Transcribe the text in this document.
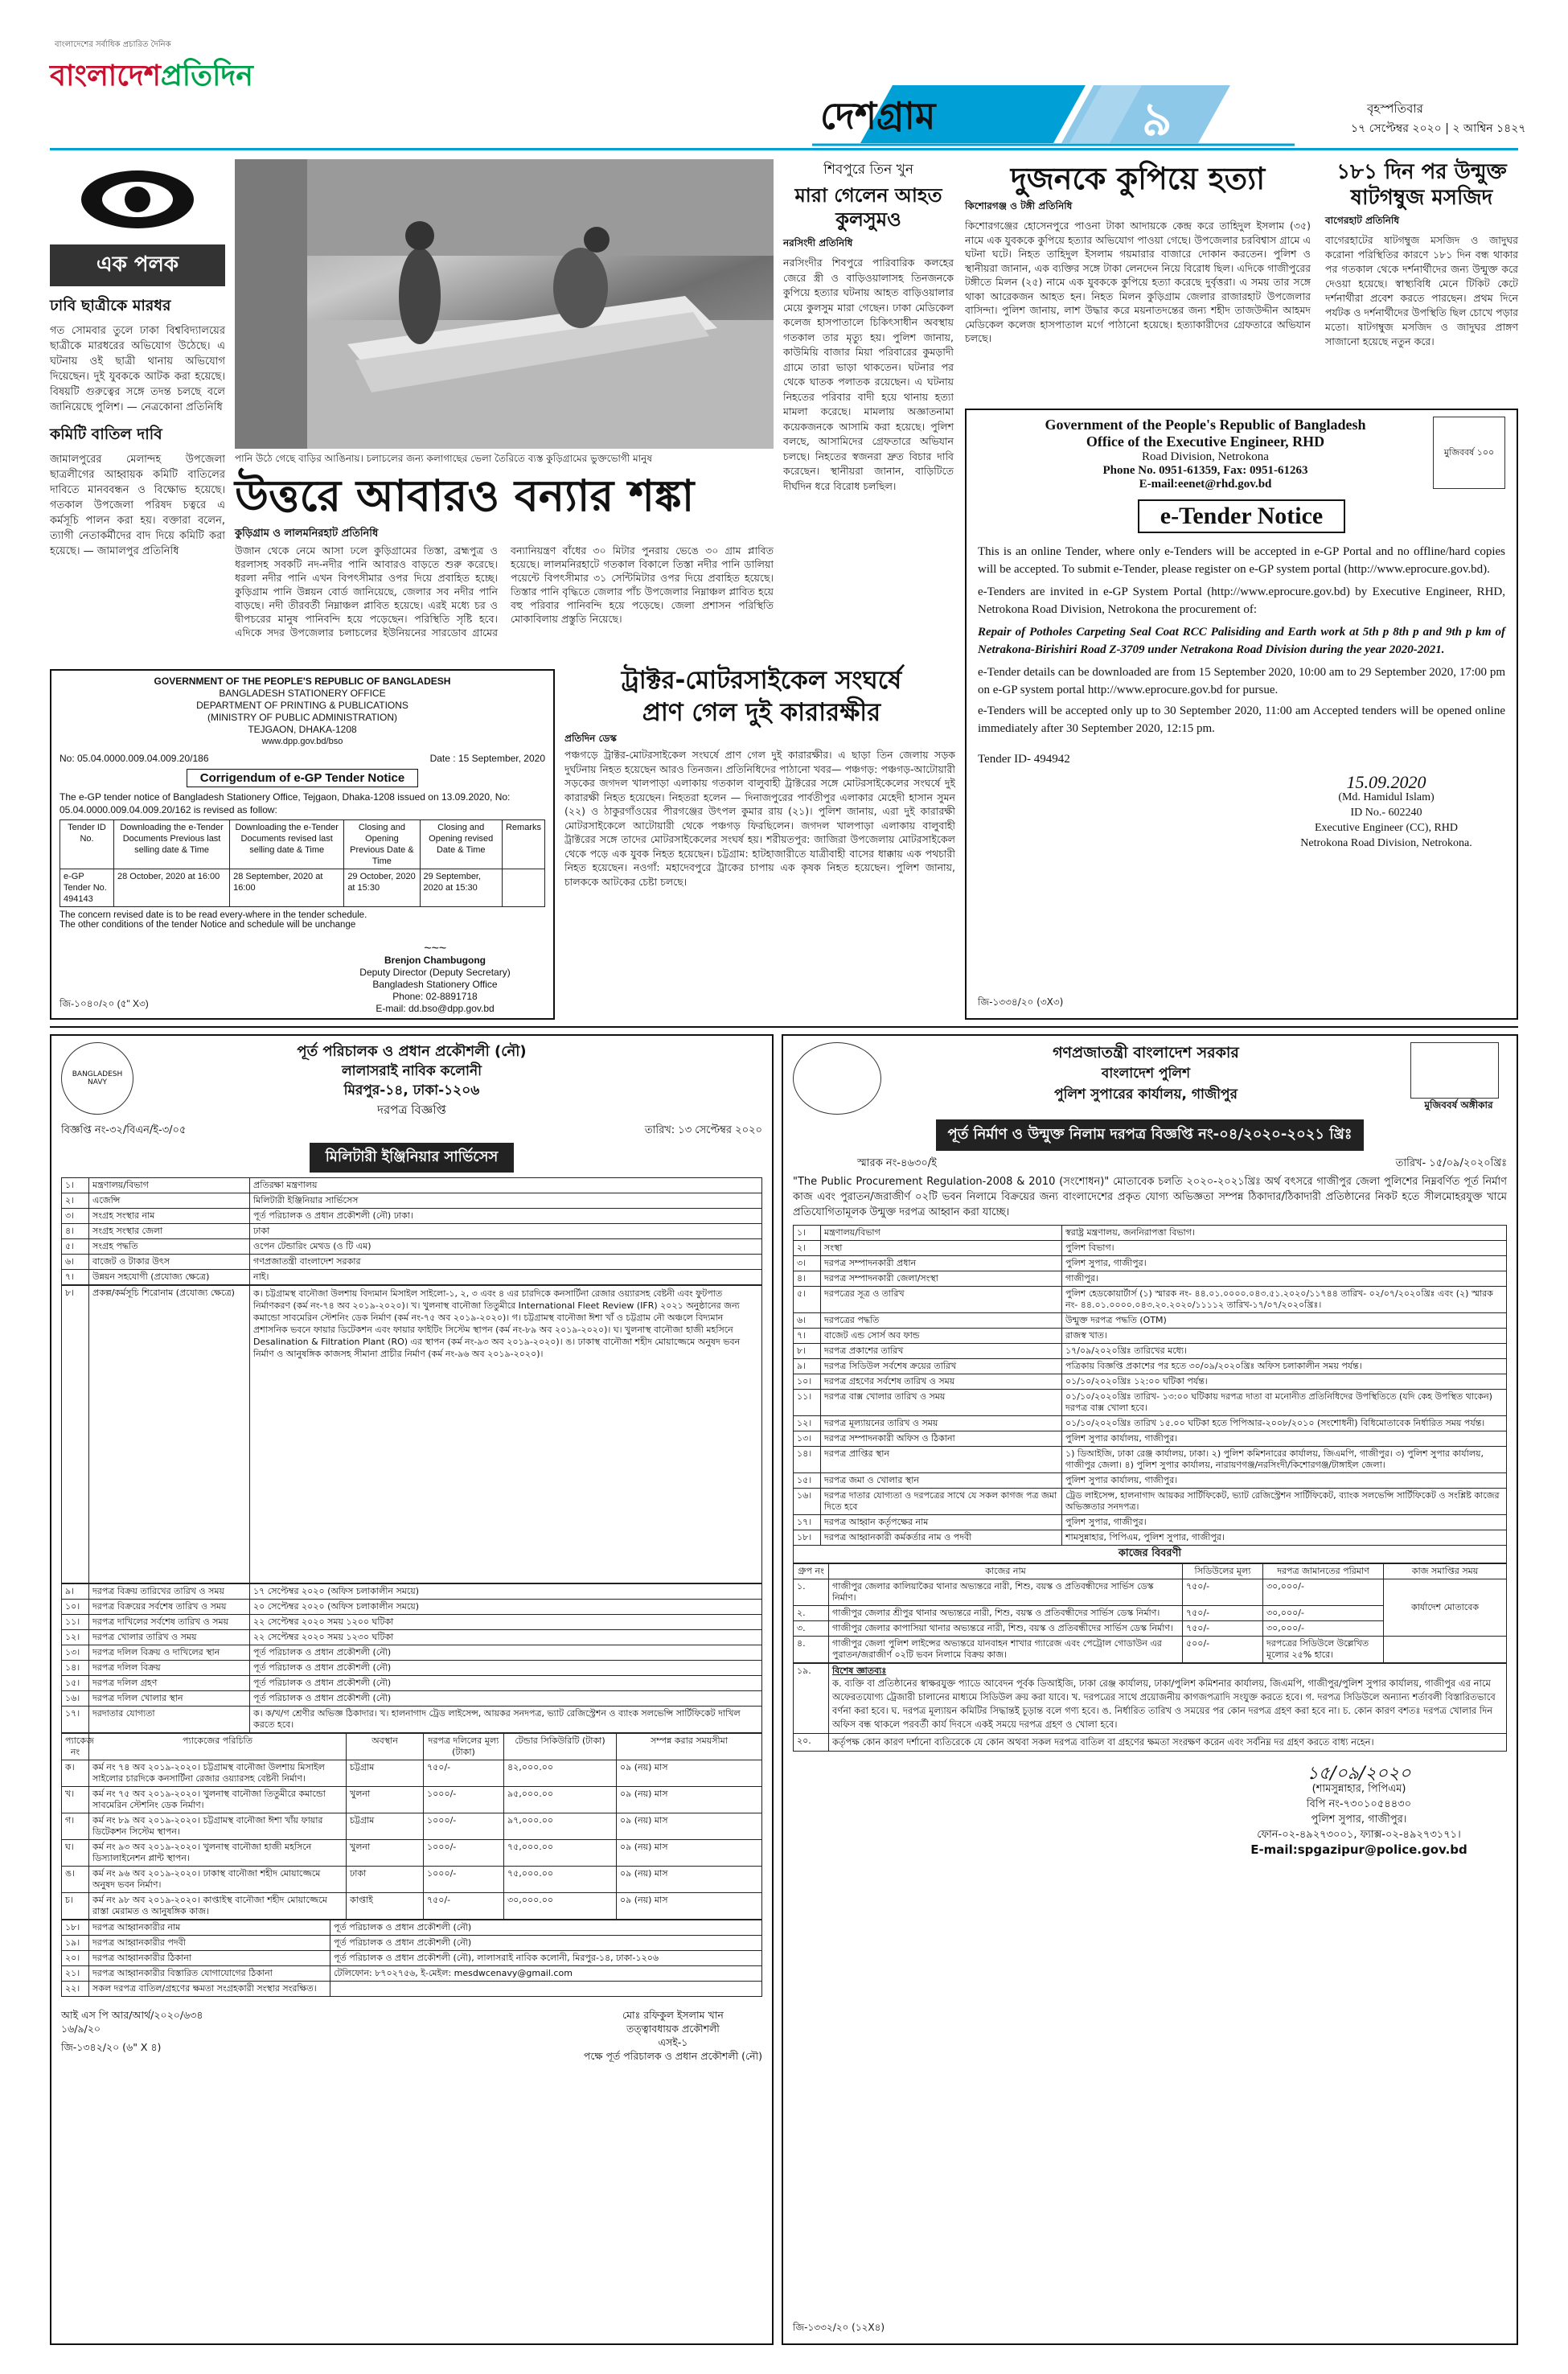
বাংলাদেশের সর্বাধিক প্রচারিত দৈনিক
বাংলাদেশপ্রতিদিন
দেশগ্রাম	৯	বৃহস্পতিবার
১৭ সেপ্টেম্বর ২০২০ | ২ আশ্বিন ১৪২৭
এক পলক
ঢাবি ছাত্রীকে মারধর
গত সোমবার তুলে ঢাকা বিশ্ববিদ্যালয়ের ছাত্রীকে মারধরের অভিযোগ উঠেছে। এ ঘটনায় ওই ছাত্রী থানায় অভিযোগ দিয়েছেন। দুই যুবককে আটক করা হয়েছে। বিষয়টি গুরুত্বের সঙ্গে তদন্ত চলছে বলে জানিয়েছে পুলিশ। — নেত্রকোনা প্রতিনিধি
কমিটি বাতিল দাবি
জামালপুরের মেলান্দহ উপজেলা ছাত্রলীগের আহ্বায়ক কমিটি বাতিলের দাবিতে মানববন্ধন ও বিক্ষোভ হয়েছে। গতকাল উপজেলা পরিষদ চত্বরে এ কর্মসূচি পালন করা হয়। বক্তারা বলেন, ত্যাগী নেতাকর্মীদের বাদ দিয়ে কমিটি করা হয়েছে। — জামালপুর প্রতিনিধি
পানি উঠে গেছে বাড়ির আঙিনায়। চলাচলের জন্য কলাগাছের ভেলা তৈরিতে ব্যস্ত কুড়িগ্রামের ভুক্তভোগী মানুষ
উত্তরে আবারও বন্যার শঙ্কা
কুড়িগ্রাম ও লালমনিরহাট প্রতিনিধি
উজান থেকে নেমে আসা ঢলে কুড়িগ্রামের তিস্তা, ব্রহ্মপুত্র ও ধরলাসহ সবকটি নদ-নদীর পানি আবারও বাড়তে শুরু করেছে। ধরলা নদীর পানি এখন বিপৎসীমার ওপর দিয়ে প্রবাহিত হচ্ছে। কুড়িগ্রাম পানি উন্নয়ন বোর্ড জানিয়েছে, জেলার সব নদীর পানি বাড়ছে। নদী তীরবর্তী নিম্নাঞ্চল প্লাবিত হয়েছে। এরই মধ্যে চর ও দ্বীপচরের মানুষ পানিবন্দি হয়ে পড়েছেন। পরিস্থিতি সৃষ্টি হবে। এদিকে সদর উপজেলার চলাচলের ইউনিয়নের সারডোব গ্রামের বন্যানিয়ন্ত্রণ বাঁধের ৩০ মিটার পুনরায় ভেঙে ৩০ গ্রাম প্লাবিত হয়েছে। লালমনিরহাটে গতকাল বিকালে তিস্তা নদীর পানি ডালিয়া পয়েন্টে বিপৎসীমার ৩১ সেন্টিমিটার ওপর দিয়ে প্রবাহিত হয়েছে। তিস্তার পানি বৃদ্ধিতে জেলার পাঁচ উপজেলার নিম্নাঞ্চল প্লাবিত হয়ে বহু পরিবার পানিবন্দি হয়ে পড়েছে। জেলা প্রশাসন পরিস্থিতি মোকাবিলায় প্রস্তুতি নিয়েছে।
শিবপুরে তিন খুন
মারা গেলেন আহত কুলসুমও
নরসিংদী প্রতিনিধি
নরসিংদীর শিবপুরে পারিবারিক কলহের জেরে স্ত্রী ও বাড়িওয়ালাসহ তিনজনকে কুপিয়ে হত্যার ঘটনায় আহত বাড়িওয়ালার মেয়ে কুলসুম মারা গেছেন। ঢাকা মেডিকেল কলেজ হাসপাতালে চিকিৎসাধীন অবস্থায় গতকাল তার মৃত্যু হয়। পুলিশ জানায়, কাউমিয়ি বাজার মিয়া পরিবারের কুমড়াদী গ্রামে তারা ভাড়া থাকতেন। ঘটনার পর থেকে ঘাতক পলাতক রয়েছেন। এ ঘটনায় নিহতের পরিবার বাদী হয়ে থানায় হত্যা মামলা করেছে। মামলায় অজ্ঞাতনামা কয়েকজনকে আসামি করা হয়েছে। পুলিশ বলছে, আসামিদের গ্রেফতারে অভিযান চলছে। নিহতের স্বজনরা দ্রুত বিচার দাবি করেছেন। স্থানীয়রা জানান, বাড়িটিতে দীর্ঘদিন ধরে বিরোধ চলছিল।
দুজনকে কুপিয়ে হত্যা
কিশোরগঞ্জ ও টঙ্গী প্রতিনিধি
কিশোরগঞ্জের হোসেনপুরে পাওনা টাকা আদায়কে কেন্দ্র করে তাহিদুল ইসলাম (৩৫) নামে এক যুবককে কুপিয়ে হত্যার অভিযোগ পাওয়া গেছে। উপজেলার চরবিশ্বাস গ্রামে এ ঘটনা ঘটে। নিহত তাহিদুল ইসলাম গয়মারার বাজারে দোকান করতেন। পুলিশ ও স্থানীয়রা জানান, এক ব্যক্তির সঙ্গে টাকা লেনদেন নিয়ে বিরোধ ছিল। এদিকে গাজীপুরের টঙ্গীতে মিলন (২৫) নামে এক যুবককে কুপিয়ে হত্যা করেছে দুর্বৃত্তরা। এ সময় তার সঙ্গে থাকা আরেকজন আহত হন। নিহত মিলন কুড়িগ্রাম জেলার রাজারহাট উপজেলার বাসিন্দা। পুলিশ জানায়, লাশ উদ্ধার করে ময়নাতদন্তের জন্য শহীদ তাজউদ্দীন আহমদ মেডিকেল কলেজ হাসপাতাল মর্গে পাঠানো হয়েছে। হত্যাকারীদের গ্রেফতারে অভিযান চলছে।
১৮১ দিন পর উন্মুক্ত ষাটগম্বুজ মসজিদ
বাগেরহাট প্রতিনিধি
বাগেরহাটের ষাটগম্বুজ মসজিদ ও জাদুঘর করোনা পরিস্থিতির কারণে ১৮১ দিন বন্ধ থাকার পর গতকাল থেকে দর্শনার্থীদের জন্য উন্মুক্ত করে দেওয়া হয়েছে। স্বাস্থ্যবিধি মেনে টিকিট কেটে দর্শনার্থীরা প্রবেশ করতে পারছেন। প্রথম দিনে পর্যটক ও দর্শনার্থীদের উপস্থিতি ছিল চোখে পড়ার মতো। ষাটগম্বুজ মসজিদ ও জাদুঘর প্রাঙ্গণ সাজানো হয়েছে নতুন করে।
Government of the People's Republic of Bangladesh
Office of the Executive Engineer, RHD
Road Division, Netrokona
Phone No. 0951-61359, Fax: 0951-61263
E-mail:eenet@rhd.gov.bd
মুজিববর্ষ ১০০
e-Tender Notice

This is an online Tender, where only e-Tenders will be accepted in e-GP Portal and no offline/hard copies will be accepted. To submit e-Tender, please register on e-GP system portal (http://www.eprocure.gov.bd).

e-Tenders are invited in e-GP System Portal (http://www.eprocure.gov.bd) by Executive Engineer, RHD, Netrokona Road Division, Netrokona the procurement of:

Repair of Potholes Carpeting Seal Coat RCC Palisiding and Earth work at 5th p 8th p and 9th p km of Netrakona-Birishiri Road Z-3709 under Netrakona Road Division during the year 2020-2021.

e-Tender details can be downloaded are from 15 September 2020, 10:00 am to 29 September 2020, 17:00 pm on e-GP system portal http://www.eprocure.gov.bd for pursue.

e-Tenders will be accepted only up to 30 September 2020, 11:00 am Accepted tenders will be opened online immediately after 30 September 2020, 12:15 pm.

Tender ID- 494942

15.09.2020
(Md. Hamidul Islam)
ID No.- 602240
Executive Engineer (CC), RHD
Netrokona Road Division, Netrokona.
জি-১৩৩৪/২০ (৩X৩)
ট্রাক্টর-মোটরসাইকেল সংঘর্ষে
প্রাণ গেল দুই কারারক্ষীর
প্রতিদিন ডেস্ক
পঞ্চগড়ে ট্রাক্টর-মোটরসাইকেল সংঘর্ষে প্রাণ গেল দুই কারারক্ষীর। এ ছাড়া তিন জেলায় সড়ক দুর্ঘটনায় নিহত হয়েছেন আরও তিনজন। প্রতিনিধিদের পাঠানো খবর— পঞ্চগড়: পঞ্চগড়-আটোয়ারী সড়কের জগদল খালপাড়া এলাকায় গতকাল বালুবাহী ট্রাক্টরের সঙ্গে মোটরসাইকেলের সংঘর্ষে দুই কারারক্ষী নিহত হয়েছেন। নিহতরা হলেন — দিনাজপুরের পার্বতীপুর এলাকার মেহেদী হাসান সুমন (২২) ও ঠাকুরগাঁওয়ের পীরগঞ্জের উৎপল কুমার রায় (২১)। পুলিশ জানায়, এরা দুই কারারক্ষী মোটরসাইকেলে আটোয়ারী থেকে পঞ্চগড় ফিরছিলেন। জগদল খালপাড়া এলাকায় বালুবাহী ট্রাক্টরের সঙ্গে তাদের মোটরসাইকেলের সংঘর্ষ হয়। শরীয়তপুর: জাজিরা উপজেলায় মোটরসাইকেল থেকে পড়ে এক যুবক নিহত হয়েছেন। চট্টগ্রাম: হাটহাজারীতে যাত্রীবাহী বাসের ধাক্কায় এক পথচারী নিহত হয়েছেন। নওগাঁ: মহাদেবপুরে ট্রাকের চাপায় এক কৃষক নিহত হয়েছেন। পুলিশ জানায়, চালককে আটকের চেষ্টা চলছে।
GOVERNMENT OF THE PEOPLE'S REPUBLIC OF BANGLADESH
BANGLADESH STATIONERY OFFICE
DEPARTMENT OF PRINTING & PUBLICATIONS
(MINISTRY OF PUBLIC ADMINISTRATION)
TEJGAON, DHAKA-1208
www.dpp.gov.bd/bso
No: 05.04.0000.009.04.009.20/186	Date : 15 September, 2020
Corrigendum of e-GP Tender Notice
The e-GP tender notice of Bangladesh Stationery Office, Tejgaon, Dhaka-1208 issued on 13.09.2020, No: 05.04.0000.009.04.009.20/162 is revised as follow:
Tender ID No.	Downloading the e-Tender Documents Previous last selling date & Time	Downloading the e-Tender Documents revised last selling date & Time	Closing and Opening Previous Date & Time	Closing and Opening revised Date & Time	Remarks
e-GP Tender No. 494143	28 October, 2020 at 16:00	28 September, 2020 at 16:00	29 October, 2020 at 15:30	29 September, 2020 at 15:30	
The concern revised date is to be read every-where in the tender schedule.
The other conditions of the tender Notice and schedule will be unchange
~~~
Brenjon Chambugong
Deputy Director (Deputy Secretary)
Bangladesh Stationery Office
Phone: 02-8891718
E-mail: dd.bso@dpp.gov.bd
জি-১০৪০/২০ (৫" X৩)
BANGLADESH NAVY
পূর্ত পরিচালক ও প্রধান প্রকৌশলী (নৌ)
লালাসরাই নাবিক কলোনী
মিরপুর-১৪, ঢাকা-১২০৬
দরপত্র বিজ্ঞপ্তি
বিজ্ঞপ্তি নং-৩২/বিএন/ই-৩/০৫	তারিখ: ১৩ সেপ্টেম্বর ২০২০
মিলিটারী ইঞ্জিনিয়ার সার্ভিসেস
১।	মন্ত্রণালয়/বিভাগ	প্রতিরক্ষা মন্ত্রণালয়
২।	এজেন্সি	মিলিটারী ইঞ্জিনিয়ার সার্ভিসেস
৩।	সংগ্রহ সংস্থার নাম	পূর্ত পরিচালক ও প্রধান প্রকৌশলী (নৌ) ঢাকা।
৪।	সংগ্রহ সংস্থার জেলা	ঢাকা
৫।	সংগ্রহ পদ্ধতি	ওপেন টেন্ডারিং মেথড (ও টি এম)
৬।	বাজেট ও টাকার উৎস	গণপ্রজাতন্ত্রী বাংলাদেশ সরকার
৭।	উন্নয়ন সহযোগী (প্রযোজ্য ক্ষেত্রে)	নাই।
৮।	প্রকল্প/কর্মসূচি শিরোনাম (প্রযোজ্য ক্ষেত্রে)	ক। চট্টগ্রামস্থ বানৌজা উলশায় বিদ্যমান মিসাইল সাইলো-১, ২, ৩ এবং ৪ এর চারদিকে কনসার্টিনা রেজার ওয়্যারসহ বেষ্টনী এবং ফুটপাত নির্মাণকরণ (কর্ম নং-৭৪ অব ২০১৯-২০২০)। খ। খুলনাস্থ বানৌজা তিতুমীরে International Fleet Review (IFR) ২০২১ অনুষ্ঠানের জন্য কমান্ডো সাবমেরিন স্টেশনিং ডেক নির্মাণ (কর্ম নং-৭৫ অব ২০১৯-২০২০)। গ। চট্টগ্রামস্থ বানৌজা ঈশা খাঁ ও চট্টগ্রাম নৌ অঞ্চলে বিদ্যমান প্রশাসনিক ভবনে ফায়ার ডিটেকশন এবং ফায়ার ফাইটিং সিস্টেম স্থাপন (কর্ম নং-৮৯ অব ২০১৯-২০২০)। ঘ। খুলনাস্থ বানৌজা হাজী মহসিনে Desalination & Filtration Plant (RO) এর স্থাপন (কর্ম নং-৯৩ অব ২০১৯-২০২০)। ঙ। ঢাকাস্থ বানৌজা শহীদ মোয়াজ্জেমে অনুষদ ভবন নির্মাণ ও আনুষঙ্গিক কাজসহ সীমানা প্রাচীর নির্মাণ (কর্ম নং-৯৬ অব ২০১৯-২০২০)।
৯।	দরপত্র বিক্রয় তারিখের তারিখ ও সময়	১৭ সেপ্টেম্বর ২০২০ (অফিস চলাকালীন সময়ে)
১০।	দরপত্র বিক্রয়ের সর্বশেষ তারিখ ও সময়	২০ সেপ্টেম্বর ২০২০ (অফিস চলাকালীন সময়ে)
১১।	দরপত্র দাখিলের সর্বশেষ তারিখ ও সময়	২২ সেপ্টেম্বর ২০২০ সময় ১২০০ ঘটিকা
১২।	দরপত্র খোলার তারিখ ও সময়	২২ সেপ্টেম্বর ২০২০ সময় ১২৩০ ঘটিকা
১৩।	দরপত্র দলিল বিক্রয় ও দাখিলের স্থান	পূর্ত পরিচালক ও প্রধান প্রকৌশলী (নৌ)
১৪।	দরপত্র দলিল বিক্রয়	পূর্ত পরিচালক ও প্রধান প্রকৌশলী (নৌ)
১৫।	দরপত্র দলিল গ্রহণ	পূর্ত পরিচালক ও প্রধান প্রকৌশলী (নৌ)
১৬।	দরপত্র দলিল খোলার স্থান	পূর্ত পরিচালক ও প্রধান প্রকৌশলী (নৌ)
১৭।	দরদাতার যোগ্যতা	ক। ক/খ/গ শ্রেণীর অভিজ্ঞ ঠিকাদার। খ। হালনাগাদ ট্রেড লাইসেন্স, আয়কর সনদপত্র, ভ্যাট রেজিস্ট্রেশন ও ব্যাংক সলভেন্সি সার্টিফিকেট দাখিল করতে হবে।
প্যাকেজ নং	প্যাকেজের পরিচিতি	অবস্থান	দরপত্র দলিলের মূল্য (টাকা)	টেন্ডার সিকিউরিটি (টাকা)	সম্পন্ন করার সময়সীমা
ক।	কর্ম নং ৭৪ অব ২০১৯-২০২০। চট্টগ্রামস্থ বানৌজা উলশায় মিসাইল সাইলোর চারদিকে কনসার্টিনা রেজার ওয়্যারসহ বেষ্টনী নির্মাণ।	চট্টগ্রাম	৭৫০/-	৪২,০০০.০০	০৯ (নয়) মাস
খ।	কর্ম নং ৭৫ অব ২০১৯-২০২০। খুলনাস্থ বানৌজা তিতুমীরে কমান্ডো সাবমেরিন স্টেশনিং ডেক নির্মাণ।	খুলনা	১০০০/-	৯৫,০০০.০০	০৯ (নয়) মাস
গ।	কর্ম নং ৮৯ অব ২০১৯-২০২০। চট্টগ্রামস্থ বানৌজা ঈশা খাঁয় ফায়ার ডিটেকশন সিস্টেম স্থাপন।	চট্টগ্রাম	১০০০/-	৯৭,০০০.০০	০৯ (নয়) মাস
ঘ।	কর্ম নং ৯৩ অব ২০১৯-২০২০। খুলনাস্থ বানৌজা হাজী মহসিনে ডিস্যালাইনেশন প্লান্ট স্থাপন।	খুলনা	১০০০/-	৭৫,০০০.০০	০৯ (নয়) মাস
ঙ।	কর্ম নং ৯৬ অব ২০১৯-২০২০। ঢাকাস্থ বানৌজা শহীদ মোয়াজ্জেমে অনুষদ ভবন নির্মাণ।	ঢাকা	১০০০/-	৭৫,০০০.০০	০৯ (নয়) মাস
চ।	কর্ম নং ৯৮ অব ২০১৯-২০২০। কাপ্তাইস্থ বানৌজা শহীদ মোয়াজ্জেমে রাস্তা মেরামত ও আনুষঙ্গিক কাজ।	কাপ্তাই	৭৫০/-	৩০,০০০.০০	০৯ (নয়) মাস
১৮।	দরপত্র আহ্বানকারীর নাম	পূর্ত পরিচালক ও প্রধান প্রকৌশলী (নৌ)
১৯।	দরপত্র আহ্বানকারীর পদবী	পূর্ত পরিচালক ও প্রধান প্রকৌশলী (নৌ)
২০।	দরপত্র আহ্বানকারীর ঠিকানা	পূর্ত পরিচালক ও প্রধান প্রকৌশলী (নৌ), লালাসরাই নাবিক কলোনী, মিরপুর-১৪, ঢাকা-১২০৬
২১।	দরপত্র আহ্বানকারীর বিস্তারিত যোগাযোগের ঠিকানা	টেলিফোন: ৮৭০২৭৫৬, ই-মেইল: mesdwcenavy@gmail.com
২২।	সকল দরপত্র বাতিল/গ্রহণের ক্ষমতা সংগ্রহকারী সংস্থার সংরক্ষিত।	
আই এস পি আর/আর্থ/২০২০/৬৩৪
১৬/৯/২০
জি-১৩৪২/২০ (৬" X ৪)
মোঃ রফিকুল ইসলাম খান
তত্ত্বাবধায়ক প্রকৌশলী
এসই-১
পক্ষে পূর্ত পরিচালক ও প্রধান প্রকৌশলী (নৌ)
গণপ্রজাতন্ত্রী বাংলাদেশ সরকার
বাংলাদেশ পুলিশ
পুলিশ সুপারের কার্যালয়, গাজীপুর
মুজিববর্ষ অঙ্গীকার
পূর্ত নির্মাণ ও উন্মুক্ত নিলাম দরপত্র বিজ্ঞপ্তি নং-০৪/২০২০-২০২১ খ্রিঃ
স্মারক নং-৪৬৩০/ই	তারিখ- ১৫/০৯/২০২০খ্রিঃ
"The Public Procurement Regulation-2008 & 2010 (সংশোধন)" মোতাবেক চলতি ২০২০-২০২১খ্রিঃ অর্থ বৎসরে গাজীপুর জেলা পুলিশের নিম্নবর্ণিত পূর্ত নির্মাণ কাজ এবং পুরাতন/জরাজীর্ণ ০২টি ভবন নিলামে বিক্রয়ের জন্য বাংলাদেশের প্রকৃত যোগ্য অভিজ্ঞতা সম্পন্ন ঠিকাদার/ঠিকাদারী প্রতিষ্ঠানের নিকট হতে সীলমোহরযুক্ত খামে প্রতিযোগিতামূলক উন্মুক্ত দরপত্র আহ্বান করা যাচ্ছে।
১।	মন্ত্রণালয়/বিভাগ	স্বরাষ্ট্র মন্ত্রণালয়, জননিরাপত্তা বিভাগ।
২।	সংস্থা	পুলিশ বিভাগ।
৩।	দরপত্র সম্পাদনকারী প্রধান	পুলিশ সুপার, গাজীপুর।
৪।	দরপত্র সম্পাদনকারী জেলা/সংস্থা	গাজীপুর।
৫।	দরপত্রের সূত্র ও তারিখ	পুলিশ হেডকোয়ার্টার্স (১) স্মারক নং- ৪৪.০১.০০০০.০৪৩.৫১.২০২০/১১৭৪৪ তারিখ- ০২/০৭/২০২০খ্রিঃ এবং (২) স্মারক নং- ৪৪.০১.০০০০.০৪৩.২০.২০২০/১১১১২ তারিখ-১৭/০৭/২০২০খ্রিঃ।
৬।	দরপত্রের পদ্ধতি	উন্মুক্ত দরপত্র পদ্ধতি (OTM)
৭।	বাজেট এন্ড সোর্স অব ফান্ড	রাজস্ব খাত।
৮।	দরপত্র প্রকাশের তারিখ	১৭/০৯/২০২০খ্রিঃ তারিখের মধ্যে।
৯।	দরপত্র সিডিউল সর্বশেষ ক্রয়ের তারিখ	পত্রিকায় বিজ্ঞপ্তি প্রকাশের পর হতে ৩০/০৯/২০২০খ্রিঃ অফিস চলাকালীন সময় পর্যন্ত।
১০।	দরপত্র গ্রহণের সর্বশেষ তারিখ ও সময়	০১/১০/২০২০খ্রিঃ ১২:০০ ঘটিকা পর্যন্ত।
১১।	দরপত্র বাক্স খোলার তারিখ ও সময়	০১/১০/২০২০খ্রিঃ তারিখ- ১৩:০০ ঘটিকায় দরপত্র দাতা বা মনোনীত প্রতিনিধিদের উপস্থিতিতে (যদি কেহ উপস্থিত থাকেন) দরপত্র বাক্স খোলা হবে।
১২।	দরপত্র মূল্যায়নের তারিখ ও সময়	০১/১০/২০২০খ্রিঃ তারিখ ১৫.০০ ঘটিকা হতে পিপিআর-২০০৮/২০১০ (সংশোধনী) বিধিমোতাবেক নির্ধারিত সময় পর্যন্ত।
১৩।	দরপত্র সম্পাদনকারী অফিস ও ঠিকানা	পুলিশ সুপার কার্যালয়, গাজীপুর।
১৪।	দরপত্র প্রাপ্তির স্থান	১) ডিআইজি, ঢাকা রেঞ্জ কার্যালয়, ঢাকা। ২) পুলিশ কমিশনারের কার্যালয়, জিএমপি, গাজীপুর। ৩) পুলিশ সুপার কার্যালয়, গাজীপুর জেলা। ৪) পুলিশ সুপার কার্যালয়, নারায়ণগঞ্জ/নরসিংদী/কিশোরগঞ্জ/টাঙ্গাইল জেলা।
১৫।	দরপত্র জমা ও খোলার স্থান	পুলিশ সুপার কার্যালয়, গাজীপুর।
১৬।	দরপত্র দাতার যোগ্যতা ও দরপত্রের সাথে যে সকল কাগজ পত্র জমা দিতে হবে	ট্রেড লাইসেন্স, হালনাগাদ আয়কর সার্টিফিকেট, ভ্যাট রেজিস্ট্রেশন সার্টিফিকেট, ব্যাংক সলভেন্সি সার্টিফিকেট ও সংশ্লিষ্ট কাজের অভিজ্ঞতার সনদপত্র।
১৭।	দরপত্র আহ্বান কর্তৃপক্ষের নাম	পুলিশ সুপার, গাজীপুর।
১৮।	দরপত্র আহ্বানকারী কর্মকর্তার নাম ও পদবী	শামসুন্নাহার, পিপিএম, পুলিশ সুপার, গাজীপুর।
কাজের বিবরণী
গ্রুপ নং	কাজের নাম	সিডিউলের মূল্য	দরপত্র জামানতের পরিমাণ	কাজ সমাপ্তির সময়
১.	গাজীপুর জেলার কালিয়াকৈর থানার অভ্যন্তরে নারী, শিশু, বয়স্ক ও প্রতিবন্ধীদের সার্ভিস ডেস্ক নির্মাণ।	৭৫০/-	৩০,০০০/-	কার্যাদেশ মোতাবেক
২.	গাজীপুর জেলার শ্রীপুর থানার অভ্যন্তরে নারী, শিশু, বয়স্ক ও প্রতিবন্ধীদের সার্ভিস ডেস্ক নির্মাণ।	৭৫০/-	৩০,০০০/-	
৩.	গাজীপুর জেলার কাপাসিয়া থানার অভ্যন্তরে নারী, শিশু, বয়স্ক ও প্রতিবন্ধীদের সার্ভিস ডেস্ক নির্মাণ।	৭৫০/-	৩০,০০০/-	
৪.	গাজীপুর জেলা পুলিশ লাইন্সের অভ্যন্তরে যানবাহন শাখার গ্যারেজ এবং পেট্রোল গোডাউন এর পুরাতন/জরাজীর্ণ ০২টি ভবন নিলামে বিক্রয় কাজ।	৫০০/-	দরপত্রের সিডিউলে উল্লেখিত মূল্যের ২৫% হারে।	
১৯.	বিশেষ জ্ঞাতব্যঃ
ক. ব্যক্তি বা প্রতিষ্ঠানের স্বাক্ষরযুক্ত প্যাডে আবেদন পূর্বক ডিআইজি, ঢাকা রেঞ্জ কার্যালয়, ঢাকা/পুলিশ কমিশনার কার্যালয়, জিএমপি, গাজীপুর/পুলিশ সুপার কার্যালয়, গাজীপুর এর নামে অফেরতযোগ্য ট্রেজারী চালানের মাধ্যমে সিডিউল ক্রয় করা যাবে। খ. দরপত্রের সাথে প্রয়োজনীয় কাগজপত্রাদি সংযুক্ত করতে হবে। গ. দরপত্র সিডিউলে অন্যান্য শর্তাবলী বিস্তারিতভাবে বর্ণনা করা হবে। ঘ. দরপত্র মূল্যায়ন কমিটির সিদ্ধান্তই চূড়ান্ত বলে গণ্য হবে। ঙ. নির্ধারিত তারিখ ও সময়ের পর কোন দরপত্র গ্রহণ করা হবে না। চ. কোন কারণ বশতঃ দরপত্র খোলার দিন অফিস বন্ধ থাকলে পরবর্তী কার্য দিবসে একই সময়ে দরপত্র গ্রহণ ও খোলা হবে।

২০.	কর্তৃপক্ষ কোন কারণ দর্শানো ব্যতিরেকে যে কোন অথবা সকল দরপত্র বাতিল বা গ্রহণের ক্ষমতা সংরক্ষণ করেন এবং সর্বনিম্ন দর গ্রহণ করতে বাধ্য নহেন।
১৫/০৯/২০২০
(শামসুন্নাহার, পিপিএম)
বিপি নং-৭৩০১০৫৪৪৩০
পুলিশ সুপার, গাজীপুর।
ফোন-০২-৪৯২৭৩০০১, ফ্যাক্স-০২-৪৯২৭৩১৭১।
E-mail:spgazipur@police.gov.bd
জি-১৩৩২/২০ (১২X৪)
